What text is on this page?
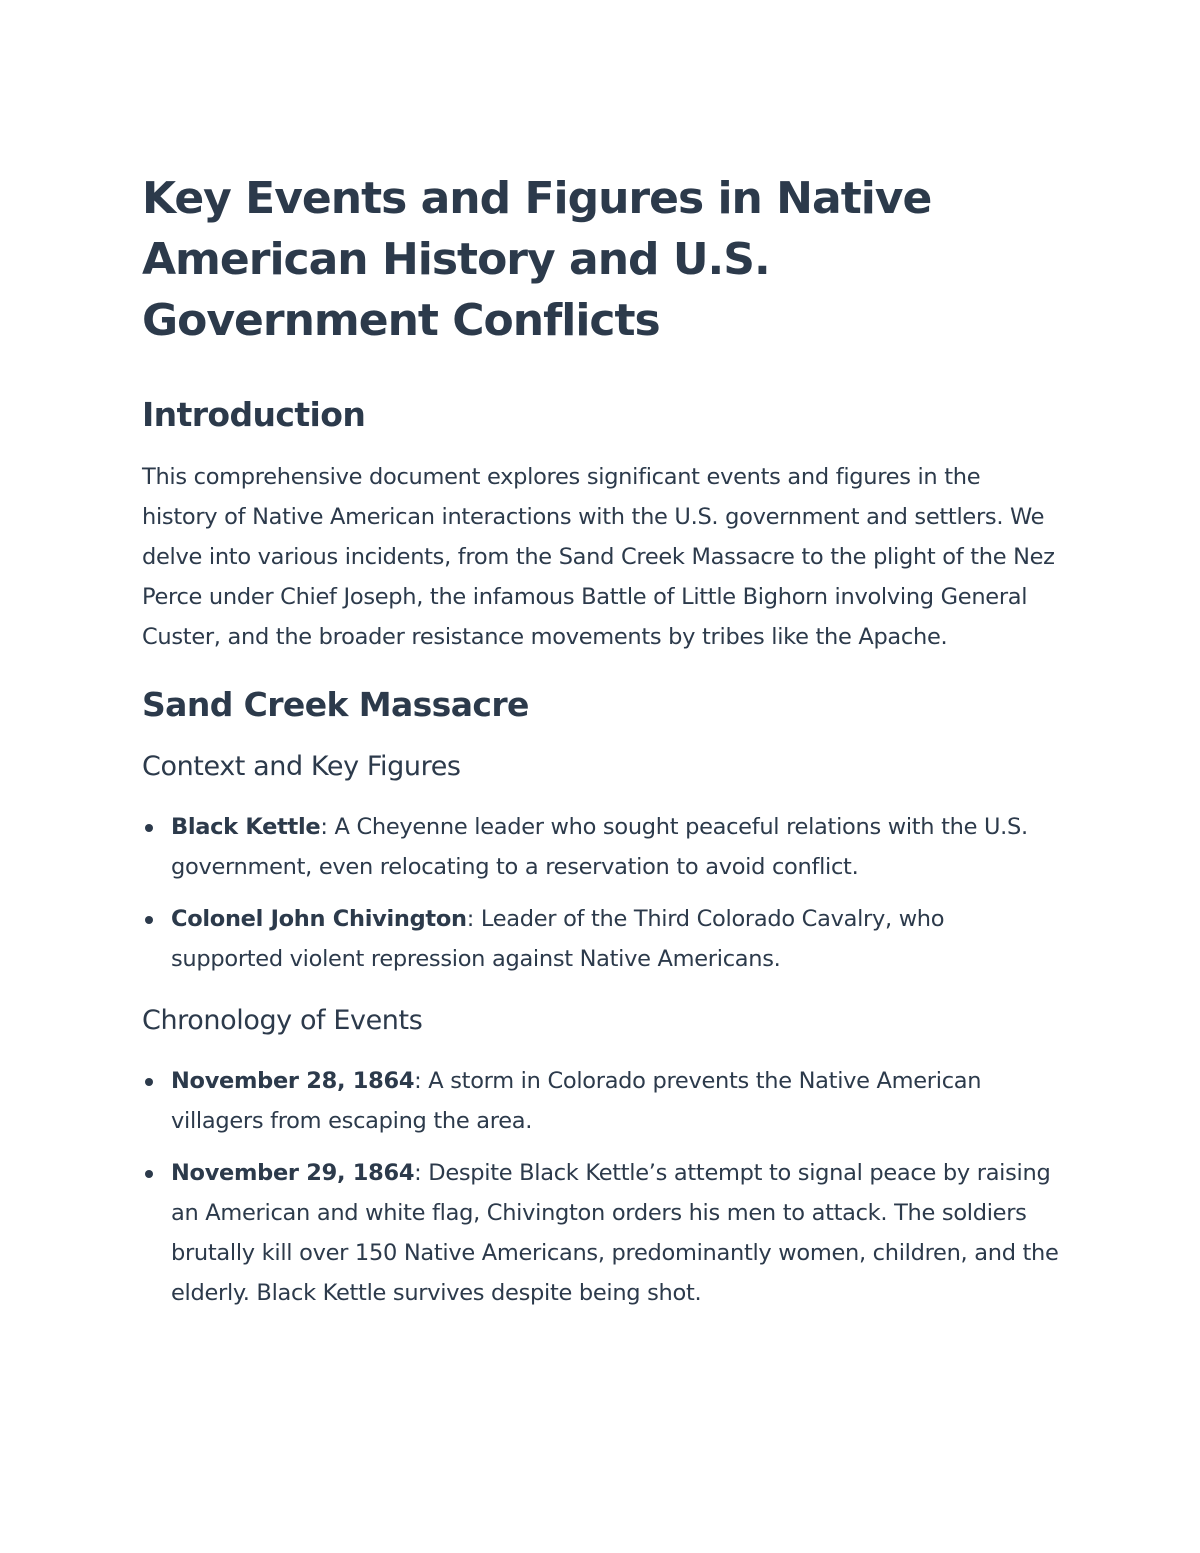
Key Events and Figures in Native American History and U.S. Government Conflicts
Introduction

This comprehensive document explores significant events and figures in the history of Native American interactions with the U.S. government and settlers. We delve into various incidents, from the Sand Creek Massacre to the plight of the Nez Perce under Chief Joseph, the infamous Battle of Little Bighorn involving General Custer, and the broader resistance movements by tribes like the Apache.

Sand Creek Massacre
Context and Key Figures
Black Kettle: A Cheyenne leader who sought peaceful relations with the U.S. government, even relocating to a reservation to avoid conflict.
Colonel John Chivington: Leader of the Third Colorado Cavalry, who supported violent repression against Native Americans.
Chronology of Events
November 28, 1864: A storm in Colorado prevents the Native American villagers from escaping the area.
November 29, 1864: Despite Black Kettle’s attempt to signal peace by raising an American and white flag, Chivington orders his men to attack. The soldiers brutally kill over 150 Native Americans, predominantly women, children, and the elderly. Black Kettle survives despite being shot.
